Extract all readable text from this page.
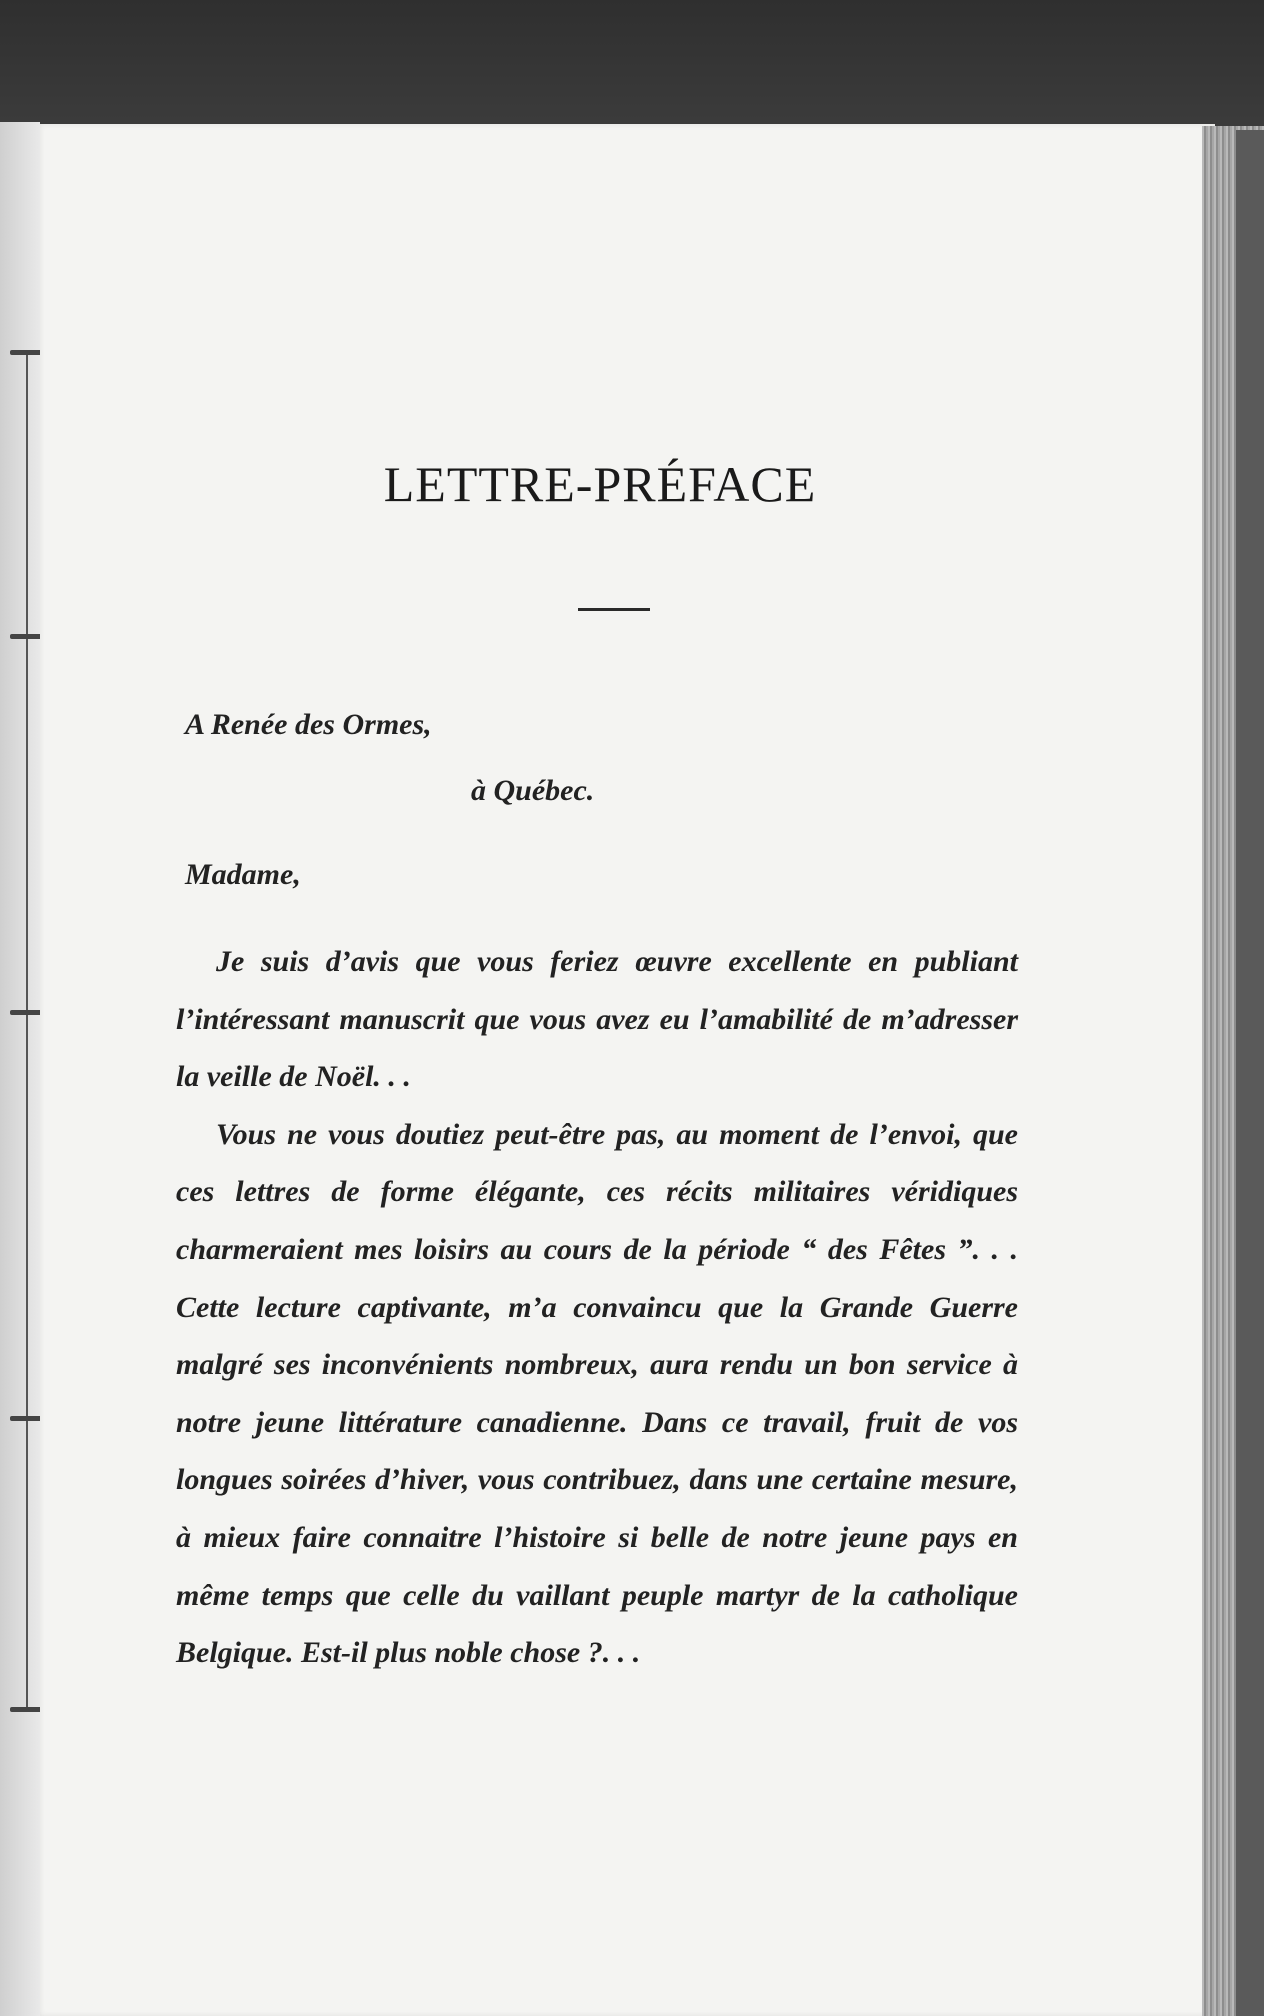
LETTRE-PRÉFACE
A Renée des Ormes,
à Québec.
Madame,

Je suis d’avis que vous feriez œuvre excellente en publiant l’intéressant manuscrit que vous avez eu l’amabilité de m’adresser la veille de Noël. . .

Vous ne vous doutiez peut-être pas, au moment de l’envoi, que ces lettres de forme élégante, ces récits militaires véridiques charmeraient mes loisirs au cours de la période “ des Fêtes ”. . . Cette lecture captivante, m’a convaincu que la Grande Guerre malgré ses inconvénients nombreux, aura rendu un bon service à notre jeune littérature canadienne. Dans ce travail, fruit de vos longues soirées d’hiver, vous contribuez, dans une certaine mesure, à mieux faire connaitre l’histoire si belle de notre jeune pays en même temps que celle du vaillant peuple martyr de la catholique Belgique. Est-il plus noble chose ?. . .
